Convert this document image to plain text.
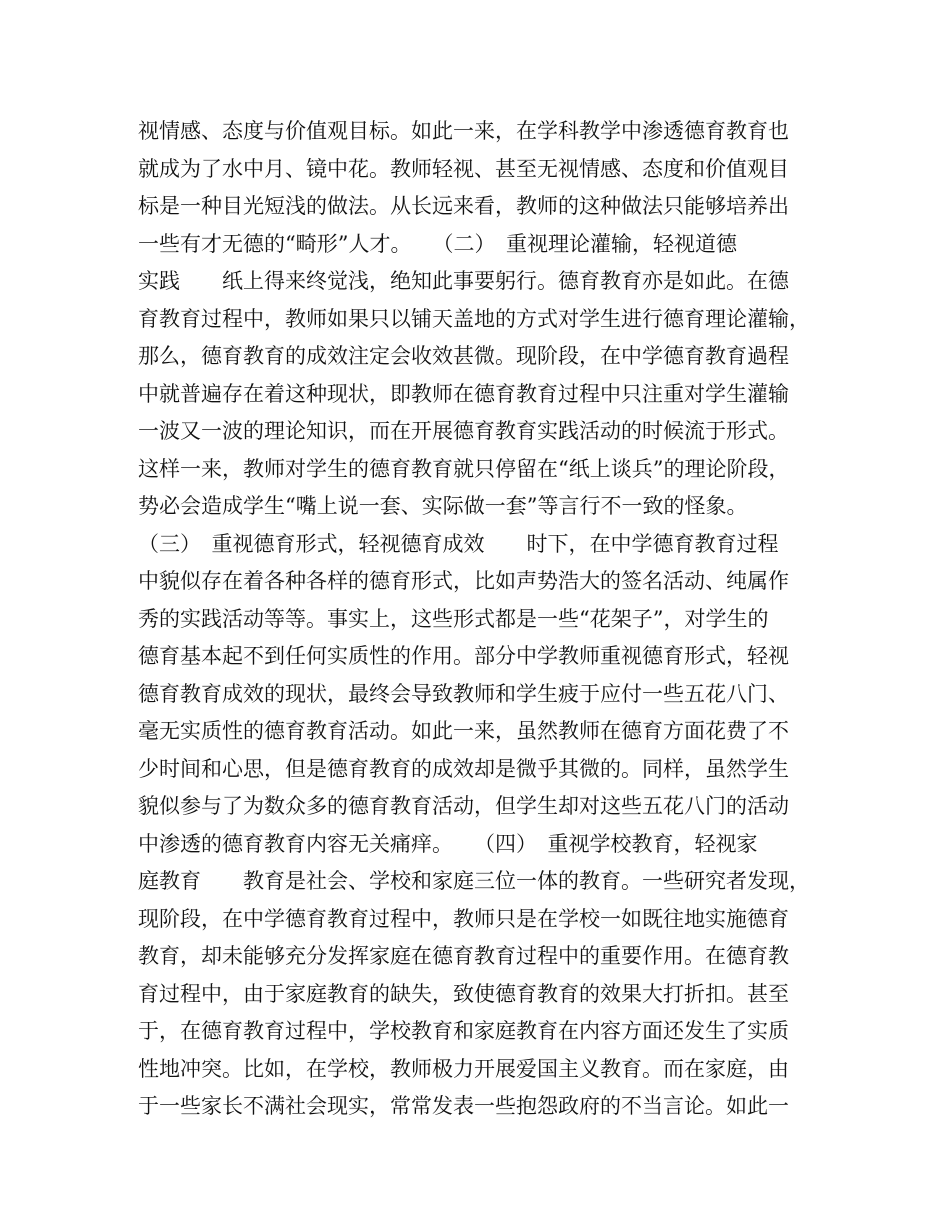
视情感、态度与价值观目标。如此一来，在学科教学中渗透德育教育也
就成为了水中月、镜中花。教师轻视、甚至无视情感、态度和价值观目
标是一种目光短浅的做法。从长远来看，教师的这种做法只能够培养出
一些有才无德的“畸形”人才。　　（二）　重视理论灌输，轻视道德
实践　　纸上得来终觉浅，绝知此事要躬行。德育教育亦是如此。在德
育教育过程中，教师如果只以铺天盖地的方式对学生进行德育理论灌输，
那么，德育教育的成效注定会收效甚微。现阶段，在中学德育教育過程
中就普遍存在着这种现状，即教师在德育教育过程中只注重对学生灌输
一波又一波的理论知识，而在开展德育教育实践活动的时候流于形式。
这样一来，教师对学生的德育教育就只停留在“纸上谈兵”的理论阶段，
势必会造成学生“嘴上说一套、实际做一套”等言行不一致的怪象。
（三）　重视德育形式，轻视德育成效　　时下，在中学德育教育过程
中貌似存在着各种各样的德育形式，比如声势浩大的签名活动、纯属作
秀的实践活动等等。事实上，这些形式都是一些“花架子”，对学生的
德育基本起不到任何实质性的作用。部分中学教师重视德育形式，轻视
德育教育成效的现状，最终会导致教师和学生疲于应付一些五花八门、
毫无实质性的德育教育活动。如此一来，虽然教师在德育方面花费了不
少时间和心思，但是德育教育的成效却是微乎其微的。同样，虽然学生
貌似参与了为数众多的德育教育活动，但学生却对这些五花八门的活动
中渗透的德育教育内容无关痛痒。　　（四）　重视学校教育，轻视家
庭教育　　教育是社会、学校和家庭三位一体的教育。一些研究者发现，
现阶段，在中学德育教育过程中，教师只是在学校一如既往地实施德育
教育，却未能够充分发挥家庭在德育教育过程中的重要作用。在德育教
育过程中，由于家庭教育的缺失，致使德育教育的效果大打折扣。甚至
于，在德育教育过程中，学校教育和家庭教育在内容方面还发生了实质
性地冲突。比如，在学校，教师极力开展爱国主义教育。而在家庭，由
于一些家长不满社会现实，常常发表一些抱怨政府的不当言论。如此一
